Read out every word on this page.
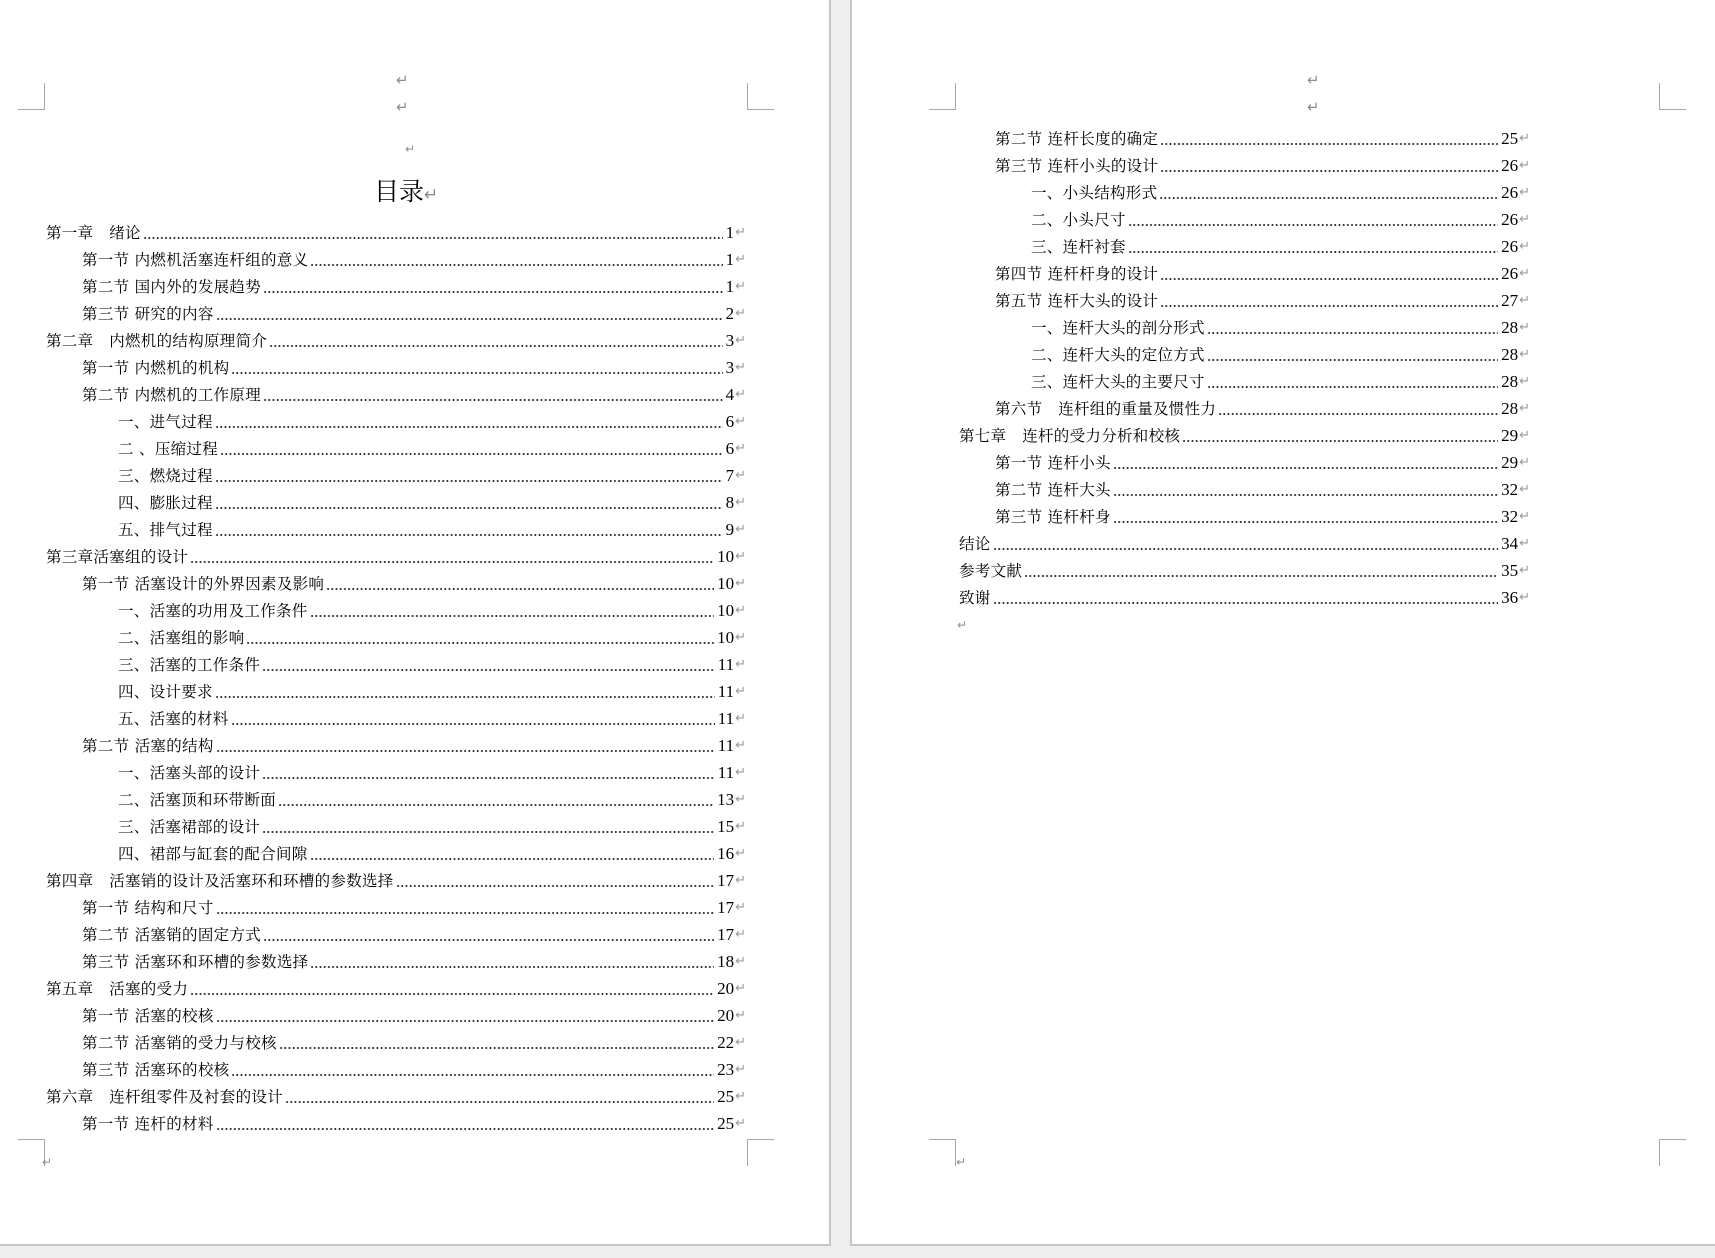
↵
↵
↵
目录↵
第一章　绪论	1 ↵
第一节 内燃机活塞连杆组的意义	1 ↵
第二节 国内外的发展趋势	1 ↵
第三节 研究的内容	2 ↵
第二章　内燃机的结构原理简介	3 ↵
第一节 内燃机的机构	3 ↵
第二节 内燃机的工作原理	4 ↵
一、进气过程	6 ↵
二 、压缩过程	6 ↵
三、燃烧过程	7 ↵
四、膨胀过程	8 ↵
五、排气过程	9 ↵
第三章活塞组的设计	10 ↵
第一节 活塞设计的外界因素及影响	10 ↵
一、活塞的功用及工作条件	10 ↵
二、活塞组的影响	10 ↵
三、活塞的工作条件	11 ↵
四、设计要求	11 ↵
五、活塞的材料	11 ↵
第二节 活塞的结构	11 ↵
一、活塞头部的设计	11 ↵
二、活塞顶和环带断面	13 ↵
三、活塞裙部的设计	15 ↵
四、裙部与缸套的配合间隙	16 ↵
第四章　活塞销的设计及活塞环和环槽的参数选择	17 ↵
第一节 结构和尺寸	17 ↵
第二节 活塞销的固定方式	17 ↵
第三节 活塞环和环槽的参数选择	18 ↵
第五章　活塞的受力	20 ↵
第一节 活塞的校核	20 ↵
第二节 活塞销的受力与校核	22 ↵
第三节 活塞环的校核	23 ↵
第六章　连杆组零件及衬套的设计	25 ↵
第一节 连杆的材料	25 ↵
↵
↵
↵
第二节 连杆长度的确定	25 ↵
第三节 连杆小头的设计	26 ↵
一、小头结构形式	26 ↵
二、小头尺寸	26 ↵
三、连杆衬套	26 ↵
第四节 连杆杆身的设计	26 ↵
第五节 连杆大头的设计	27 ↵
一、连杆大头的剖分形式	28 ↵
二、连杆大头的定位方式	28 ↵
三、连杆大头的主要尺寸	28 ↵
第六节　连杆组的重量及惯性力	28 ↵
第七章　连杆的受力分析和校核	29 ↵
第一节 连杆小头	29 ↵
第二节 连杆大头	32 ↵
第三节 连杆杆身	32 ↵
结论	34 ↵
参考文献	35 ↵
致谢	36 ↵
↵
↵
